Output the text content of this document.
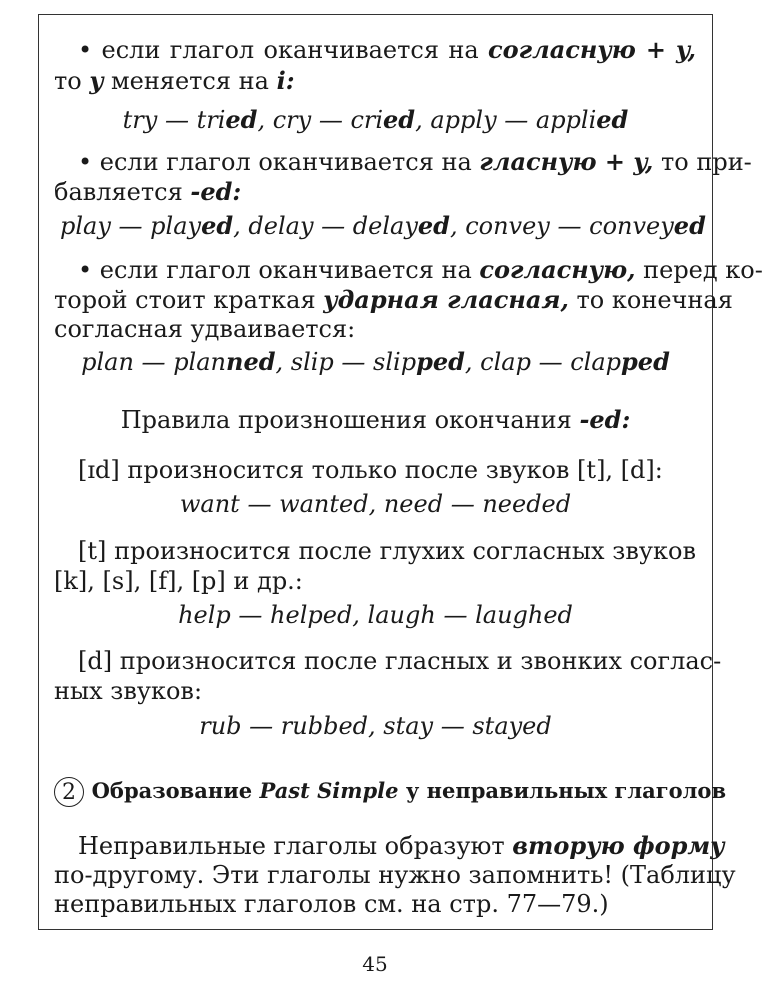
• если глагол оканчивается на согласную + y,

то y меняется на i:

try — tried, cry — cried, apply — applied

• если глагол оканчивается на гласную + y, то при-

бавляется -ed:

play — played, delay — delayed, convey — conveyed

• если глагол оканчивается на согласную, перед ко-

торой стоит краткая ударная гласная, то конечная

согласная удваивается:

plan — planned, slip — slipped, clap — clapped

Правила произношения окончания -ed:

[ɪd] произносится только после звуков [t], [d]:

want — wanted, need — needed

[t] произносится после глухих согласных звуков

[k], [s], [f], [p] и др.:

help — helped, laugh — laughed

[d] произносится после гласных и звонких соглас-

ных звуков:

rub — rubbed, stay — stayed

2 Образование Past Simple у неправильных глаголов

Неправильные глаголы образуют вторую форму

по-другому. Эти глаголы нужно запомнить! (Таблицу

неправильных глаголов см. на стр. 77—79.)

45
